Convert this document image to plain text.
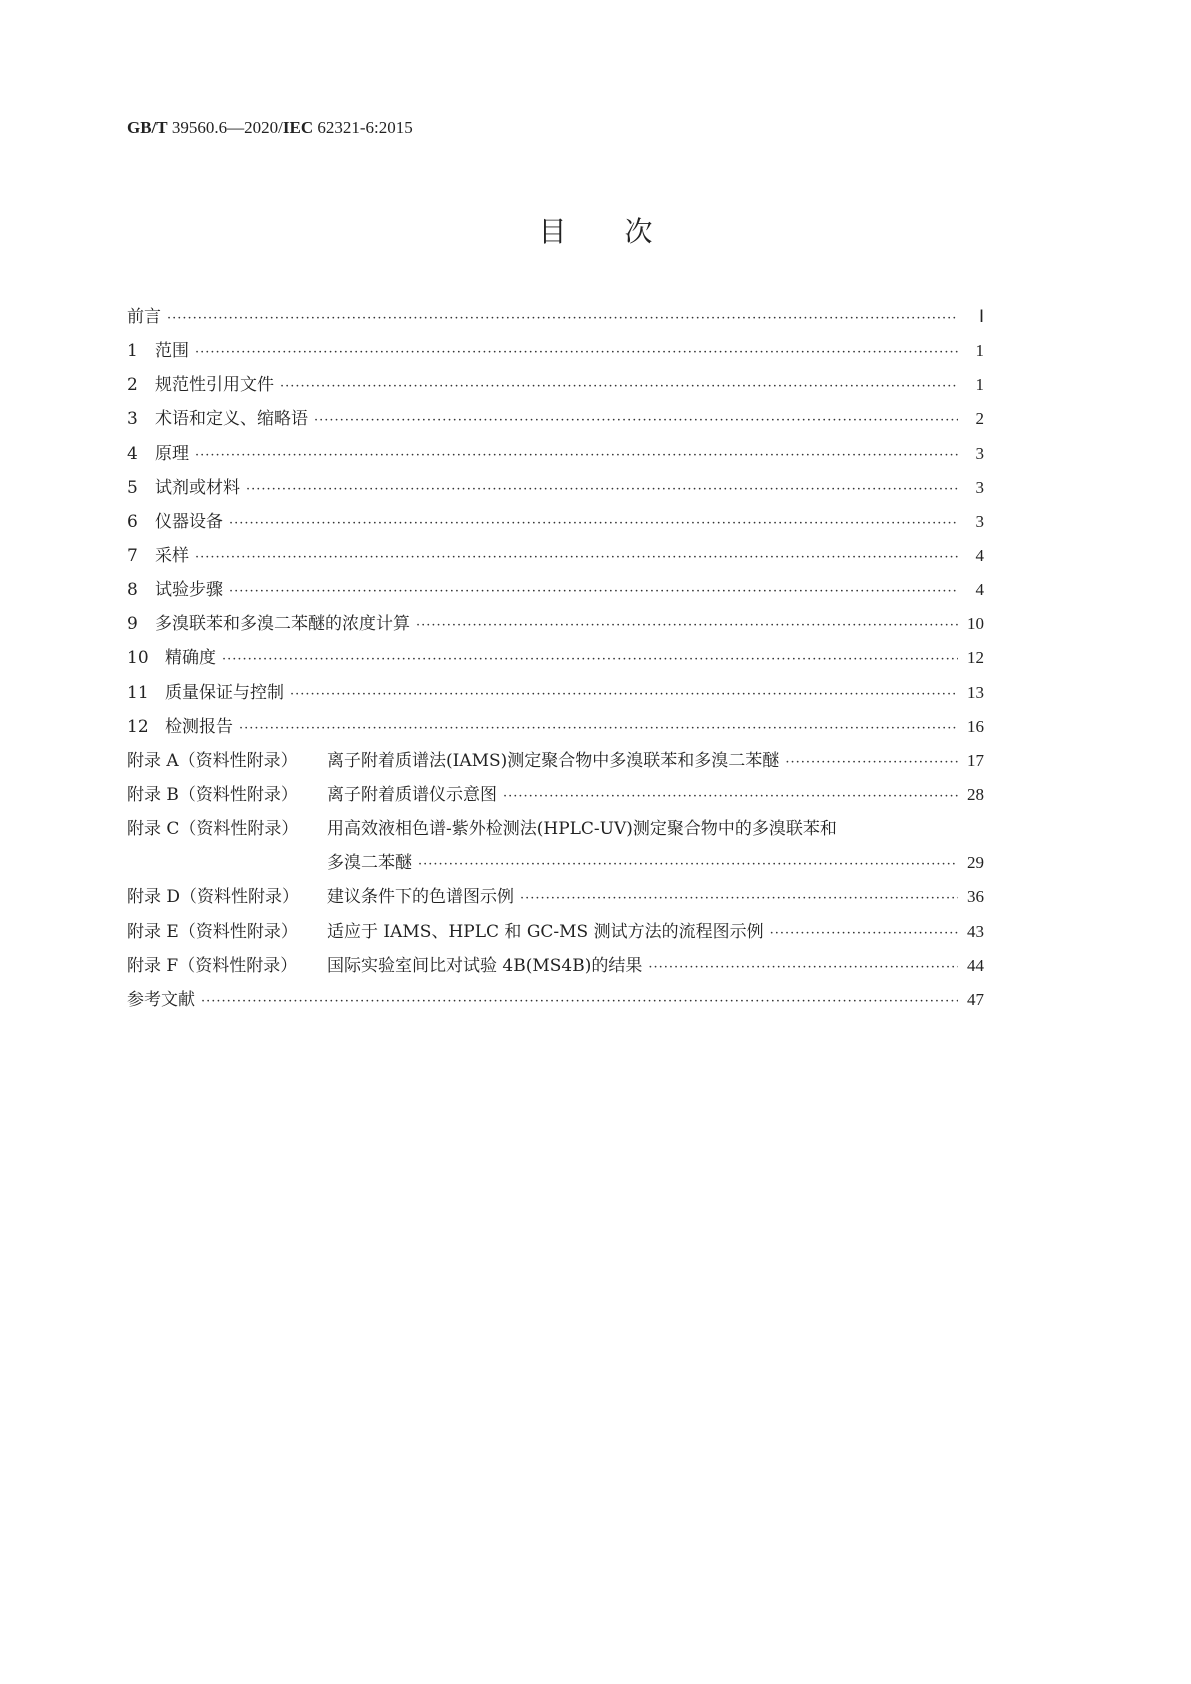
GB/T 39560.6—2020/IEC 62321-6:2015
目次
前言 ·····	Ⅰ
1	范围 ·····	1
2	规范性引用文件 ·····	1
3	术语和定义、缩略语 ·····	2
4	原理 ·····	3
5	试剂或材料 ·····	3
6	仪器设备 ·····	3
7	采样 ·····	4
8	试验步骤 ·····	4
9	多溴联苯和多溴二苯醚的浓度计算 ·····	10
10 精确度 ·····	12
11 质量保证与控制 ·····	13
12 检测报告 ·····	16
附录 A（资料性附录）	离子附着质谱法(IAMS)测定聚合物中多溴联苯和多溴二苯醚 ·····	17
附录 B（资料性附录）	离子附着质谱仪示意图 ·····	28
附录 C（资料性附录）	用高效液相色谱-紫外检测法(HPLC-UV)测定聚合物中的多溴联苯和
多溴二苯醚 ·····	29
附录 D（资料性附录）	建议条件下的色谱图示例 ·····	36
附录 E（资料性附录）	适应于 IAMS、HPLC 和 GC-MS 测试方法的流程图示例 ·····	43
附录 F（资料性附录）	国际实验室间比对试验 4B(MS4B)的结果 ·····	44
参考文献 ·····	47
